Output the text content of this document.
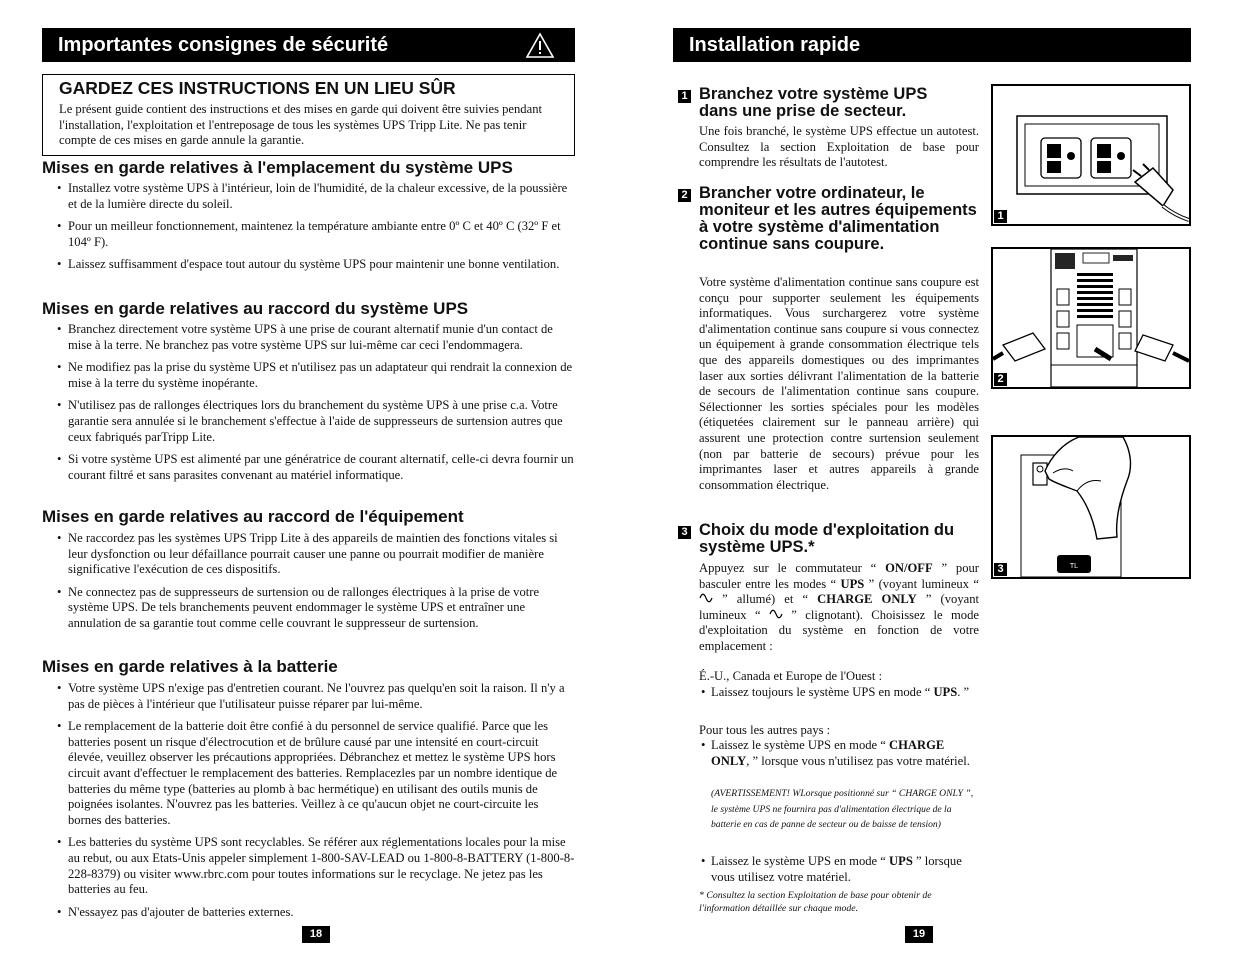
Importantes consignes de sécurité
GARDEZ CES INSTRUCTIONS EN UN LIEU SÛR
Le présent guide contient des instructions et des mises en garde qui doivent être suivies pendant l'installation, l'exploitation et l'entreposage de tous les systèmes UPS Tripp Lite. Ne pas tenir compte de ces mises en garde annule la garantie.
Mises en garde relatives à l'emplacement du système UPS
• Installez votre système UPS à l'intérieur, loin de l'humidité, de la chaleur excessive, de la poussière et de la lumière directe du soleil.
• Pour un meilleur fonctionnement, maintenez la température ambiante entre 0º C et 40º C (32º F et 104º F).
• Laissez suffisamment d'espace tout autour du système UPS pour maintenir une bonne ventilation.
Mises en garde relatives au raccord du système UPS
• Branchez directement votre système UPS à une prise de courant alternatif munie d'un contact de mise à la terre. Ne branchez pas votre système UPS sur lui-même car ceci l'endommagera.
• Ne modifiez pas la prise du système UPS et n'utilisez pas un adaptateur qui rendrait la connexion de mise à la terre du système inopérante.
• N'utilisez pas de rallonges électriques lors du branchement du système UPS à une prise c.a. Votre garantie sera annulée si le branchement s'effectue à l'aide de suppresseurs de surtension autres que ceux fabriqués parTripp Lite.
• Si votre système UPS est alimenté par une génératrice de courant alternatif, celle-ci devra fournir un courant filtré et sans parasites convenant au matériel informatique.
Mises en garde relatives au raccord de l'équipement
• Ne raccordez pas les systèmes UPS Tripp Lite à des appareils de maintien des fonctions vitales si leur dysfonction ou leur défaillance pourrait causer une panne ou pourrait modifier de manière significative l'exécution de ces dispositifs.
• Ne connectez pas de suppresseurs de surtension ou de rallonges électriques à la prise de votre système UPS. De tels branchements peuvent endommager le système UPS et entraîner une annulation de sa garantie tout comme celle couvrant le suppresseur de surtension.
Mises en garde relatives à la batterie
• Votre système UPS n'exige pas d'entretien courant. Ne l'ouvrez pas quelqu'en soit la raison. Il n'y a pas de pièces à l'intérieur que l'utilisateur puisse réparer par lui-même.
• Le remplacement de la batterie doit être confié à du personnel de service qualifié. Parce que les batteries posent un risque d'électrocution et de brûlure causé par une intensité en court-circuit élevée, veuillez observer les précautions appropriées. Débranchez et mettez le système UPS hors circuit avant d'effectuer le remplacement des batteries. Remplacezles par un nombre identique de batteries du même type (batteries au plomb à bac hermétique) en utilisant des outils munis de poignées isolantes. N'ouvrez pas les batteries. Veillez à ce qu'aucun objet ne court-circuite les bornes des batteries.
• Les batteries du système UPS sont recyclables. Se référer aux réglementations locales pour la mise au rebut, ou aux Etats-Unis appeler simplement 1-800-SAV-LEAD ou 1-800-8-BATTERY (1-800-8-228-8379) ou visiter www.rbrc.com pour toutes informations sur le recyclage. Ne jetez pas les batteries au feu.
• N'essayez pas d'ajouter de batteries externes.
18
Installation rapide
1 Branchez votre système UPS dans une prise de secteur.
Une fois branché, le système UPS effectue un autotest. Consultez la section Exploitation de base pour comprendre les résultats de l'autotest.
2 Brancher votre ordinateur, le moniteur et les autres équipements à votre système d'alimentation continue sans coupure.
Votre système d'alimentation continue sans coupure est conçu pour supporter seulement les équipements informatiques. Vous surchargerez votre système d'alimentation continue sans coupure si vous connectez un équipement à grande consommation électrique tels que des appareils domestiques ou des imprimantes laser aux sorties délivrant l'alimentation de la batterie de secours de l'alimentation continue sans coupure. Sélectionner les sorties spéciales pour les modèles (étiquetées clairement sur le panneau arrière) qui assurent une protection contre surtension seulement (non par batterie de secours) prévue pour les imprimantes laser et autres appareils à grande consommation électrique.
3 Choix du mode d'exploitation du système UPS.*
Appuyez sur le commutateur “ ON/OFF ” pour basculer entre les modes “ UPS ” (voyant lumineux “  ” allumé) et “ CHARGE ONLY ” (voyant lumineux “  ” clignotant). Choisissez le mode d'exploitation du système en fonction de votre emplacement :
É.-U., Canada et Europe de l'Ouest :
• Laissez toujours le système UPS en mode “ UPS. ”
Pour tous les autres pays :
• Laissez le système UPS en mode “ CHARGE ONLY, ” lorsque vous n'utilisez pas votre matériel.
(AVERTISSEMENT! WLorsque positionné sur “ CHARGE ONLY ”, le système UPS ne fournira pas d'alimentation électrique de la batterie en cas de panne de secteur ou de baisse de tension)
• Laissez le système UPS en mode “ UPS ” lorsque vous utilisez votre matériel.
* Consultez la section Exploitation de base pour obtenir de l'information détaillée sur chaque mode.
1
2
TL
3
19
